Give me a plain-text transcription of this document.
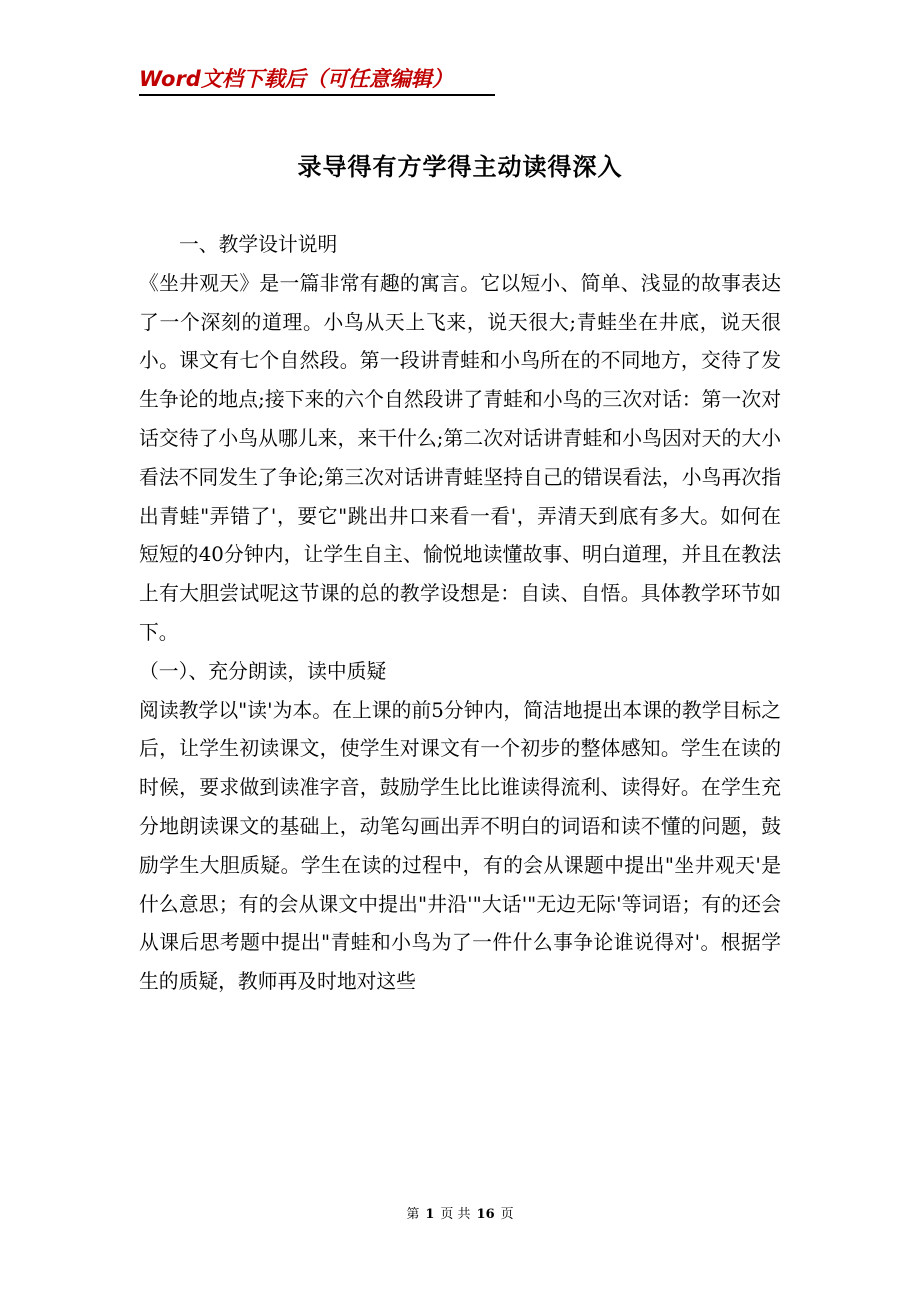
Word文档下载后（可任意编辑）
录导得有方学得主动读得深入

一、教学设计说明

《坐井观天》是一篇非常有趣的寓言。它以短小、简单、浅显的故事表达了一个深刻的道理。小鸟从天上飞来，说天很大;青蛙坐在井底，说天很小。课文有七个自然段。第一段讲青蛙和小鸟所在的不同地方，交待了发生争论的地点;接下来的六个自然段讲了青蛙和小鸟的三次对话：第一次对话交待了小鸟从哪儿来，来干什么;第二次对话讲青蛙和小鸟因对天的大小看法不同发生了争论;第三次对话讲青蛙坚持自己的错误看法，小鸟再次指出青蛙"弄错了'，要它"跳出井口来看一看'，弄清天到底有多大。如何在短短的40分钟内，让学生自主、愉悦地读懂故事、明白道理，并且在教法上有大胆尝试呢这节课的总的教学设想是：自读、自悟。具体教学环节如下。

（一）、充分朗读，读中质疑

阅读教学以"读'为本。在上课的前5分钟内，简洁地提出本课的教学目标之后，让学生初读课文，使学生对课文有一个初步的整体感知。学生在读的时候，要求做到读准字音，鼓励学生比比谁读得流利、读得好。在学生充分地朗读课文的基础上，动笔勾画出弄不明白的词语和读不懂的问题，鼓励学生大胆质疑。学生在读的过程中，有的会从课题中提出"坐井观天'是什么意思；有的会从课文中提出"井沿'"大话'"无边无际'等词语；有的还会从课后思考题中提出"青蛙和小鸟为了一件什么事争论谁说得对'。根据学生的质疑，教师再及时地对这些

第 1 页 共 16 页
